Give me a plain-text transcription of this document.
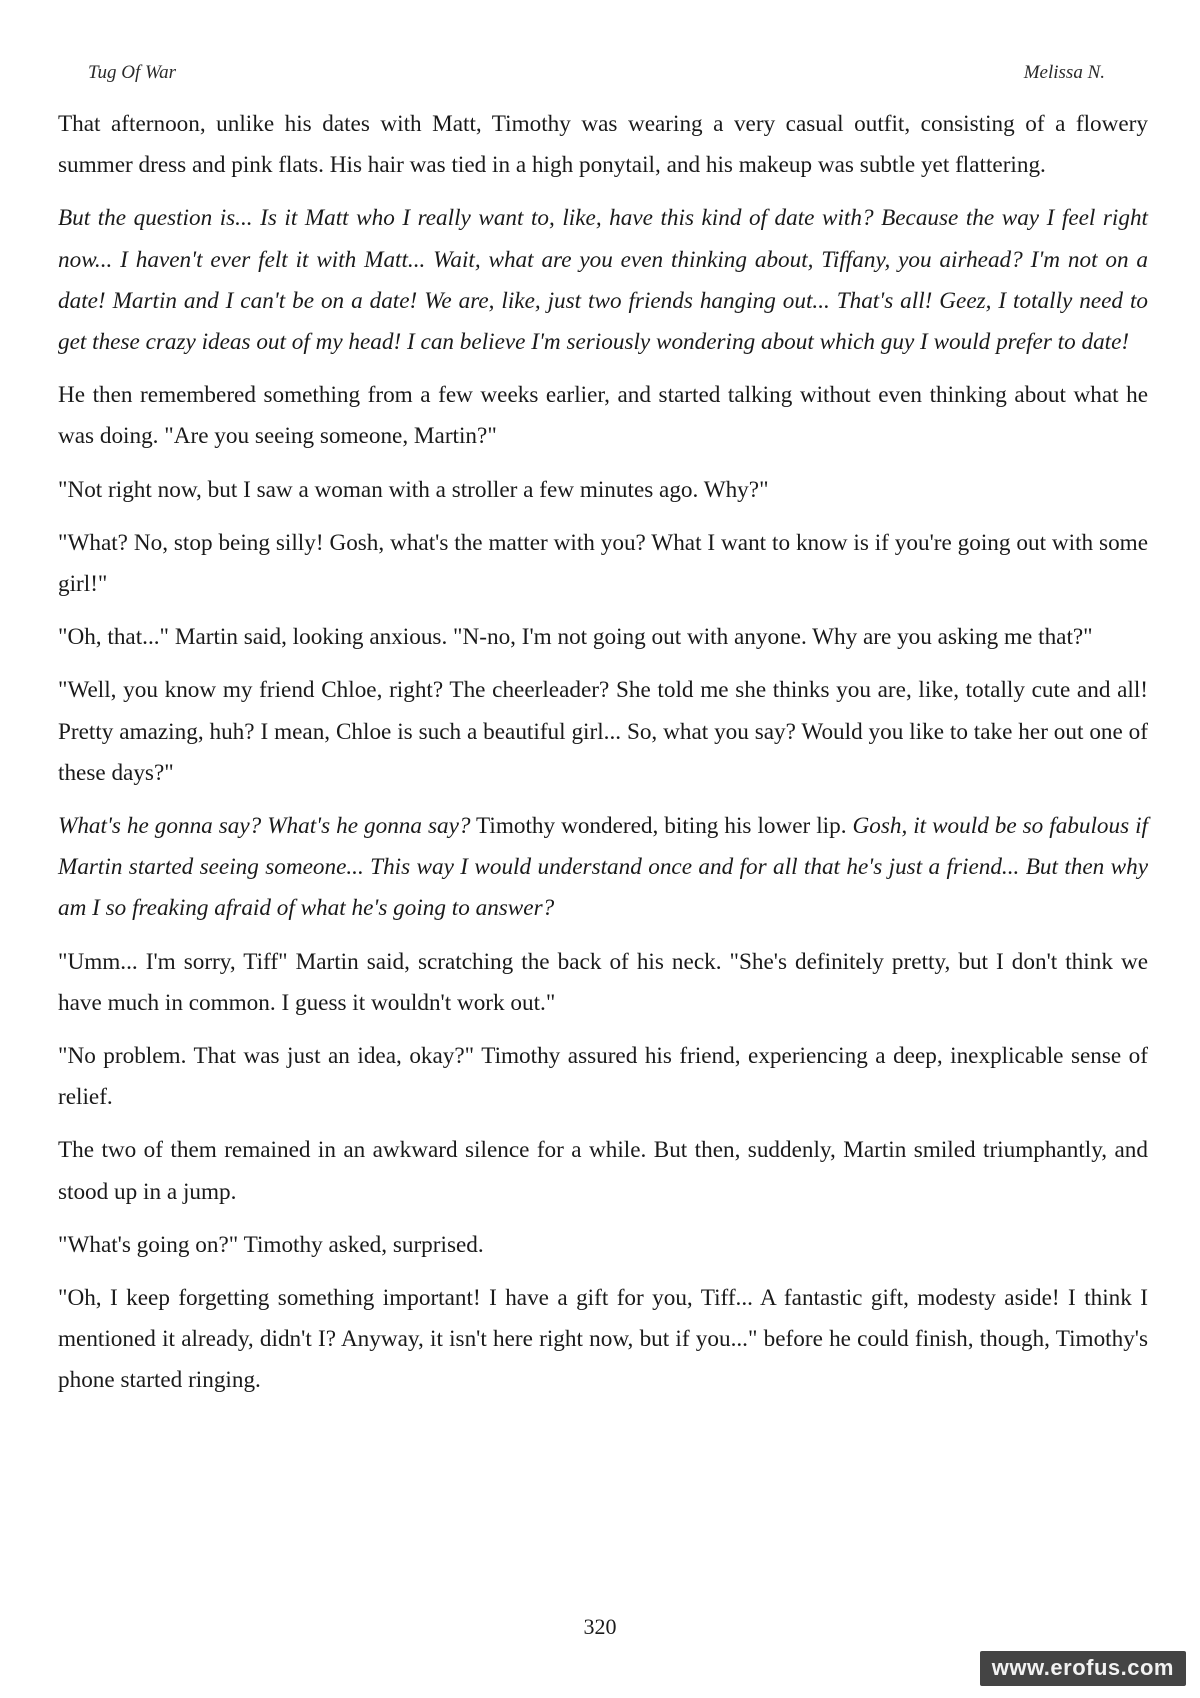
Tug Of War	Melissa N.

That afternoon, unlike his dates with Matt, Timothy was wearing a very casual outfit, consisting of a flowery summer dress and pink flats. His hair was tied in a high ponytail, and his makeup was subtle yet flattering.

But the question is... Is it Matt who I really want to, like, have this kind of date with? Because the way I feel right now... I haven't ever felt it with Matt... Wait, what are you even thinking about, Tiffany, you airhead? I'm not on a date! Martin and I can't be on a date! We are, like, just two friends hanging out... That's all! Geez, I totally need to get these crazy ideas out of my head! I can believe I'm seriously wondering about which guy I would prefer to date!

He then remembered something from a few weeks earlier, and started talking without even thinking about what he was doing. "Are you seeing someone, Martin?"

"Not right now, but I saw a woman with a stroller a few minutes ago. Why?"

"What? No, stop being silly! Gosh, what's the matter with you? What I want to know is if you're going out with some girl!"

"Oh, that..." Martin said, looking anxious. "N-no, I'm not going out with anyone. Why are you asking me that?"

"Well, you know my friend Chloe, right? The cheerleader? She told me she thinks you are, like, totally cute and all! Pretty amazing, huh? I mean, Chloe is such a beautiful girl... So, what you say? Would you like to take her out one of these days?"

What's he gonna say? What's he gonna say? Timothy wondered, biting his lower lip. Gosh, it would be so fabulous if Martin started seeing someone... This way I would understand once and for all that he's just a friend... But then why am I so freaking afraid of what he's going to answer?

"Umm... I'm sorry, Tiff" Martin said, scratching the back of his neck. "She's definitely pretty, but I don't think we have much in common. I guess it wouldn't work out."

"No problem. That was just an idea, okay?" Timothy assured his friend, experiencing a deep, inexplicable sense of relief.

The two of them remained in an awkward silence for a while. But then, suddenly, Martin smiled triumphantly, and stood up in a jump.

"What's going on?" Timothy asked, surprised.

"Oh, I keep forgetting something important! I have a gift for you, Tiff... A fantastic gift, modesty aside! I think I mentioned it already, didn't I? Anyway, it isn't here right now, but if you..." before he could finish, though, Timothy's phone started ringing.

320
www.erofus.com
